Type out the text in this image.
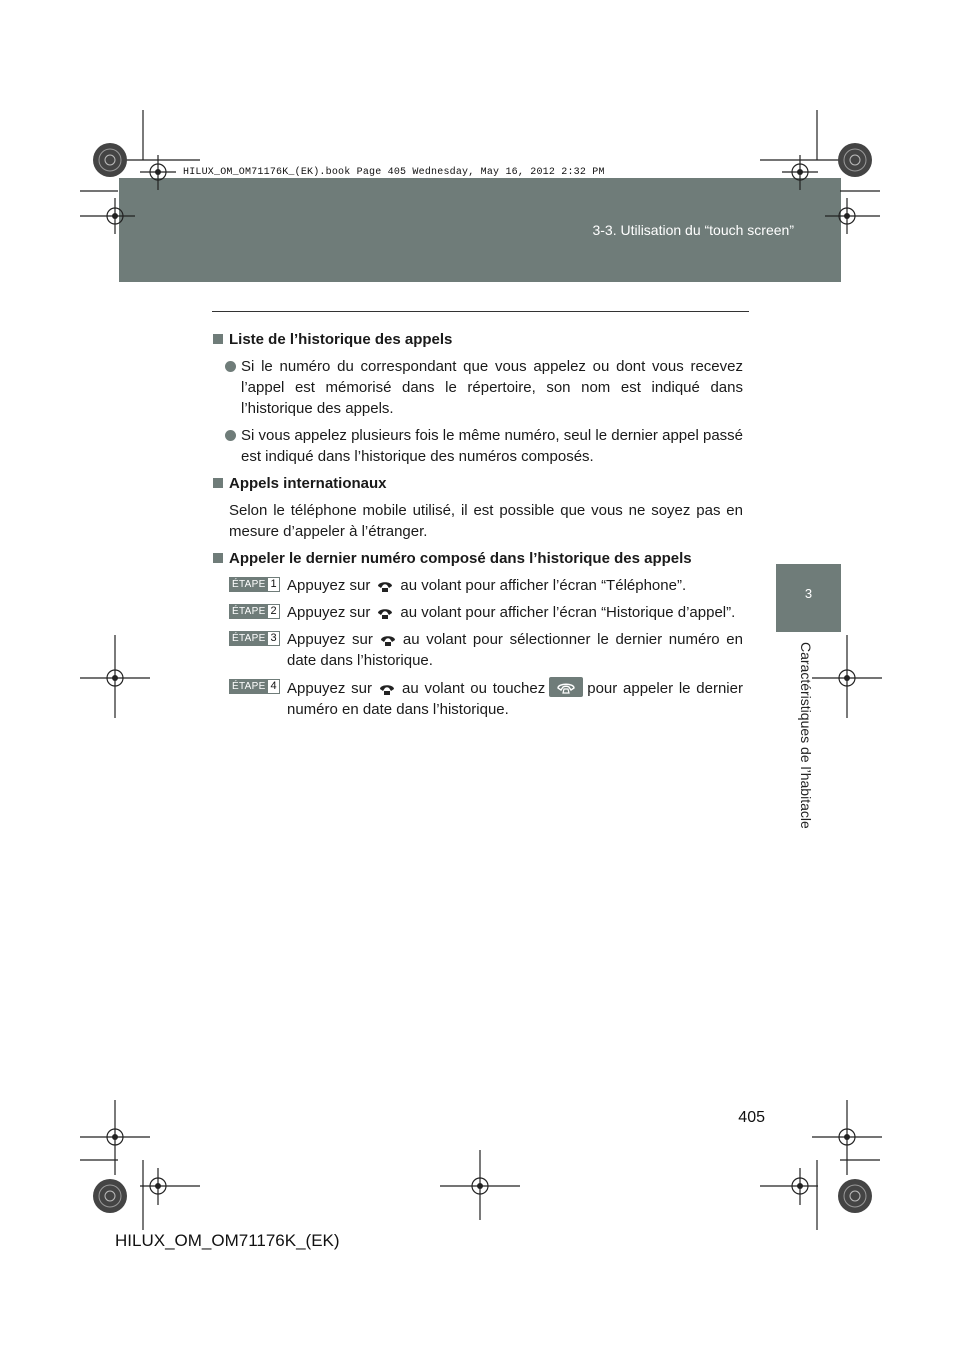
HILUX_OM_OM71176K_(EK).book Page 405 Wednesday, May 16, 2012 2:32 PM
3-3. Utilisation du “touch screen”
3
Caractéristiques de l’habitacle

Liste de l’historique des appels

Si le numéro du correspondant que vous appelez ou dont vous recevez l’appel est mémorisé dans le répertoire, son nom est indiqué dans l’historique des appels.

Si vous appelez plusieurs fois le même numéro, seul le dernier appel passé est indiqué dans l’historique des numéros composés.

Appels internationaux

Selon le téléphone mobile utilisé, il est possible que vous ne soyez pas en mesure d’appeler à l’étranger.

Appeler le dernier numéro composé dans l’historique des appels

ÉTAPE 1 Appuyez sur au volant pour afficher l’écran “Téléphone”.
ÉTAPE 2 Appuyez sur au volant pour afficher l’écran “Historique d’appel”.
ÉTAPE 3 Appuyez sur au volant pour sélectionner le dernier numéro en date dans l’historique.
ÉTAPE 4 Appuyez sur au volant ou touchez	pour appeler le dernier numéro en date dans l’historique.
405
HILUX_OM_OM71176K_(EK)
